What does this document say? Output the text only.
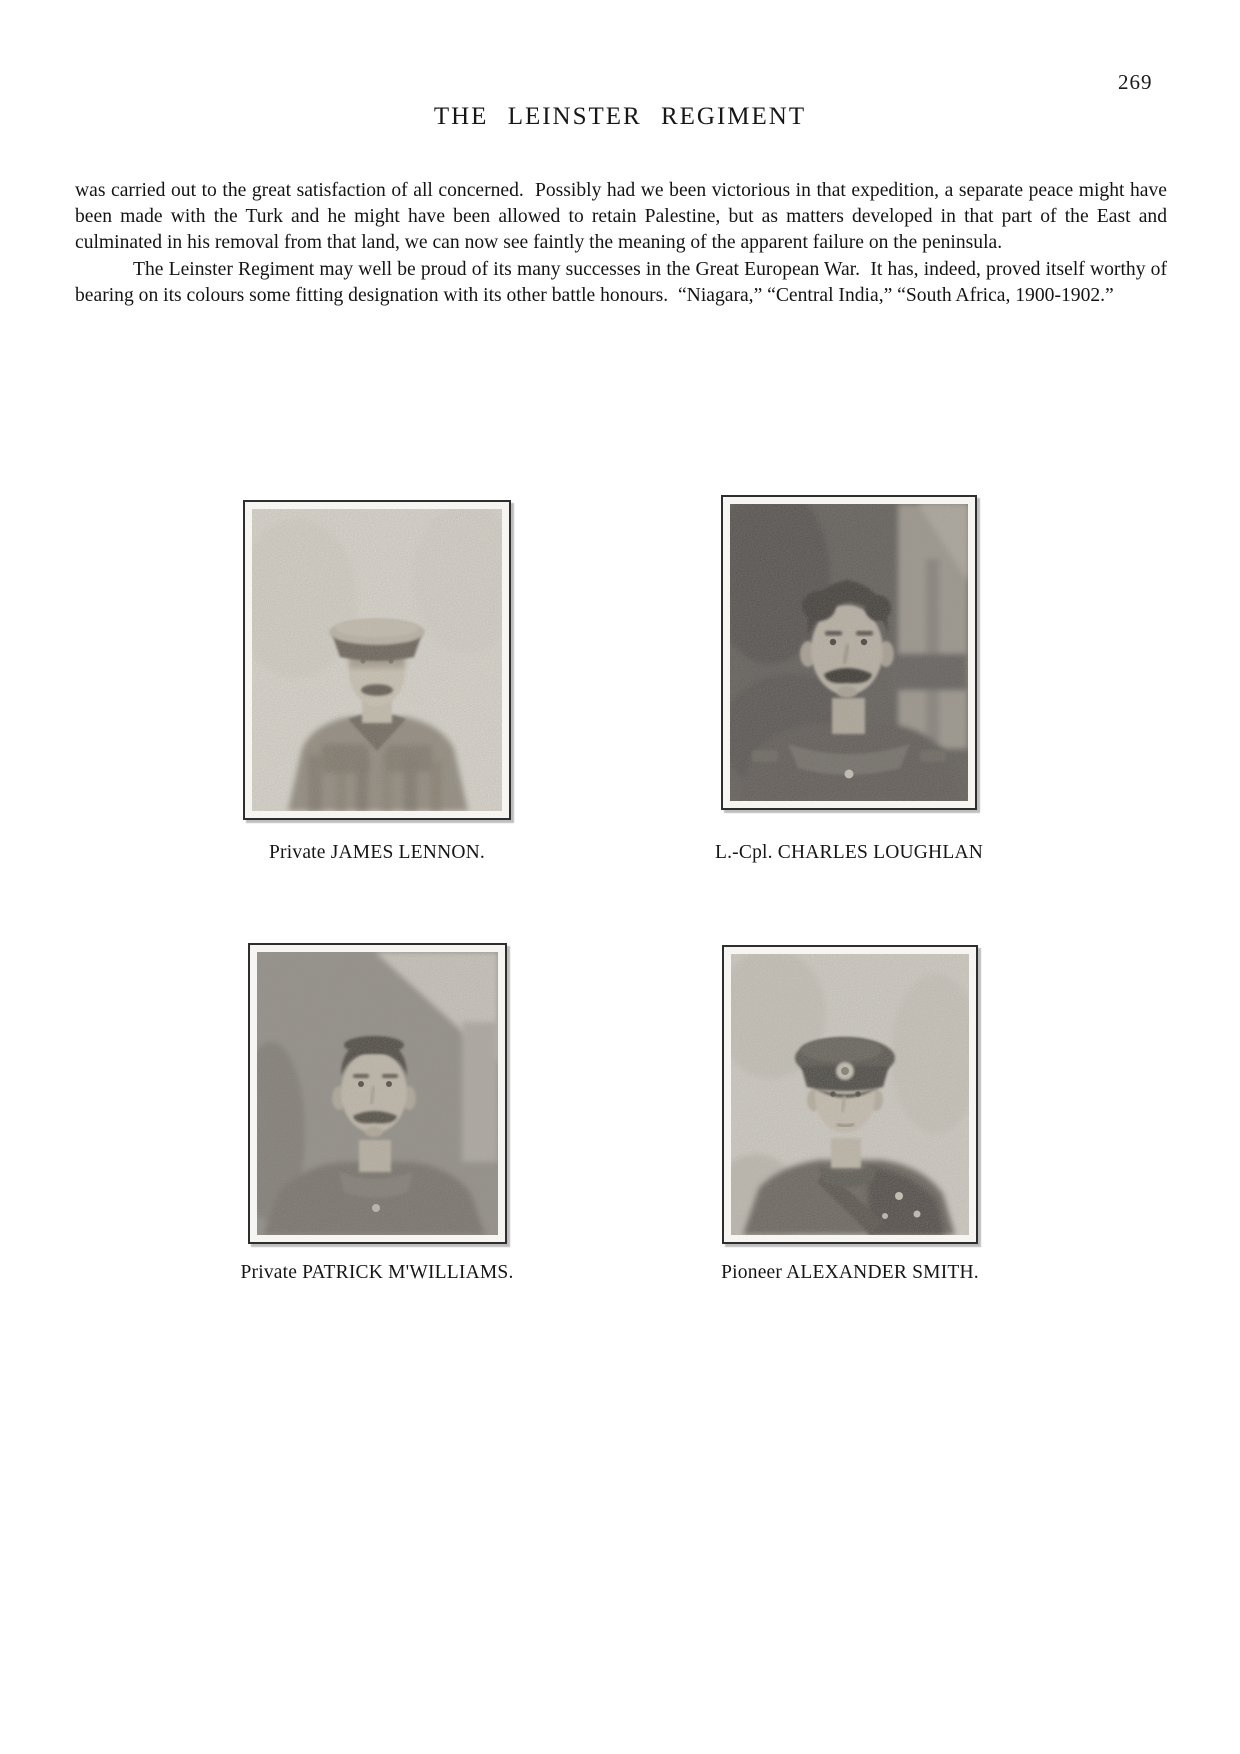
269
THE LEINSTER REGIMENT

was carried out to the great satisfaction of all concerned.  Possibly had we been victorious in that expedition, a separate peace might have been made with the Turk and he might have been allowed to retain Palestine, but as matters developed in that part of the East and culminated in his removal from that land, we can now see faintly the meaning of the apparent failure on the peninsula.

The Leinster Regiment may well be proud of its many successes in the Great European War.  It has, indeed, proved itself worthy of bearing on its colours some fitting designation with its other battle honours.  “Niagara,” “Central India,” “South Africa, 1900-1902.”

Private JAMES LENNON.	L.-Cpl. CHARLES LOUGHLAN
Private PATRICK M'WILLIAMS.	Pioneer ALEXANDER SMITH.
